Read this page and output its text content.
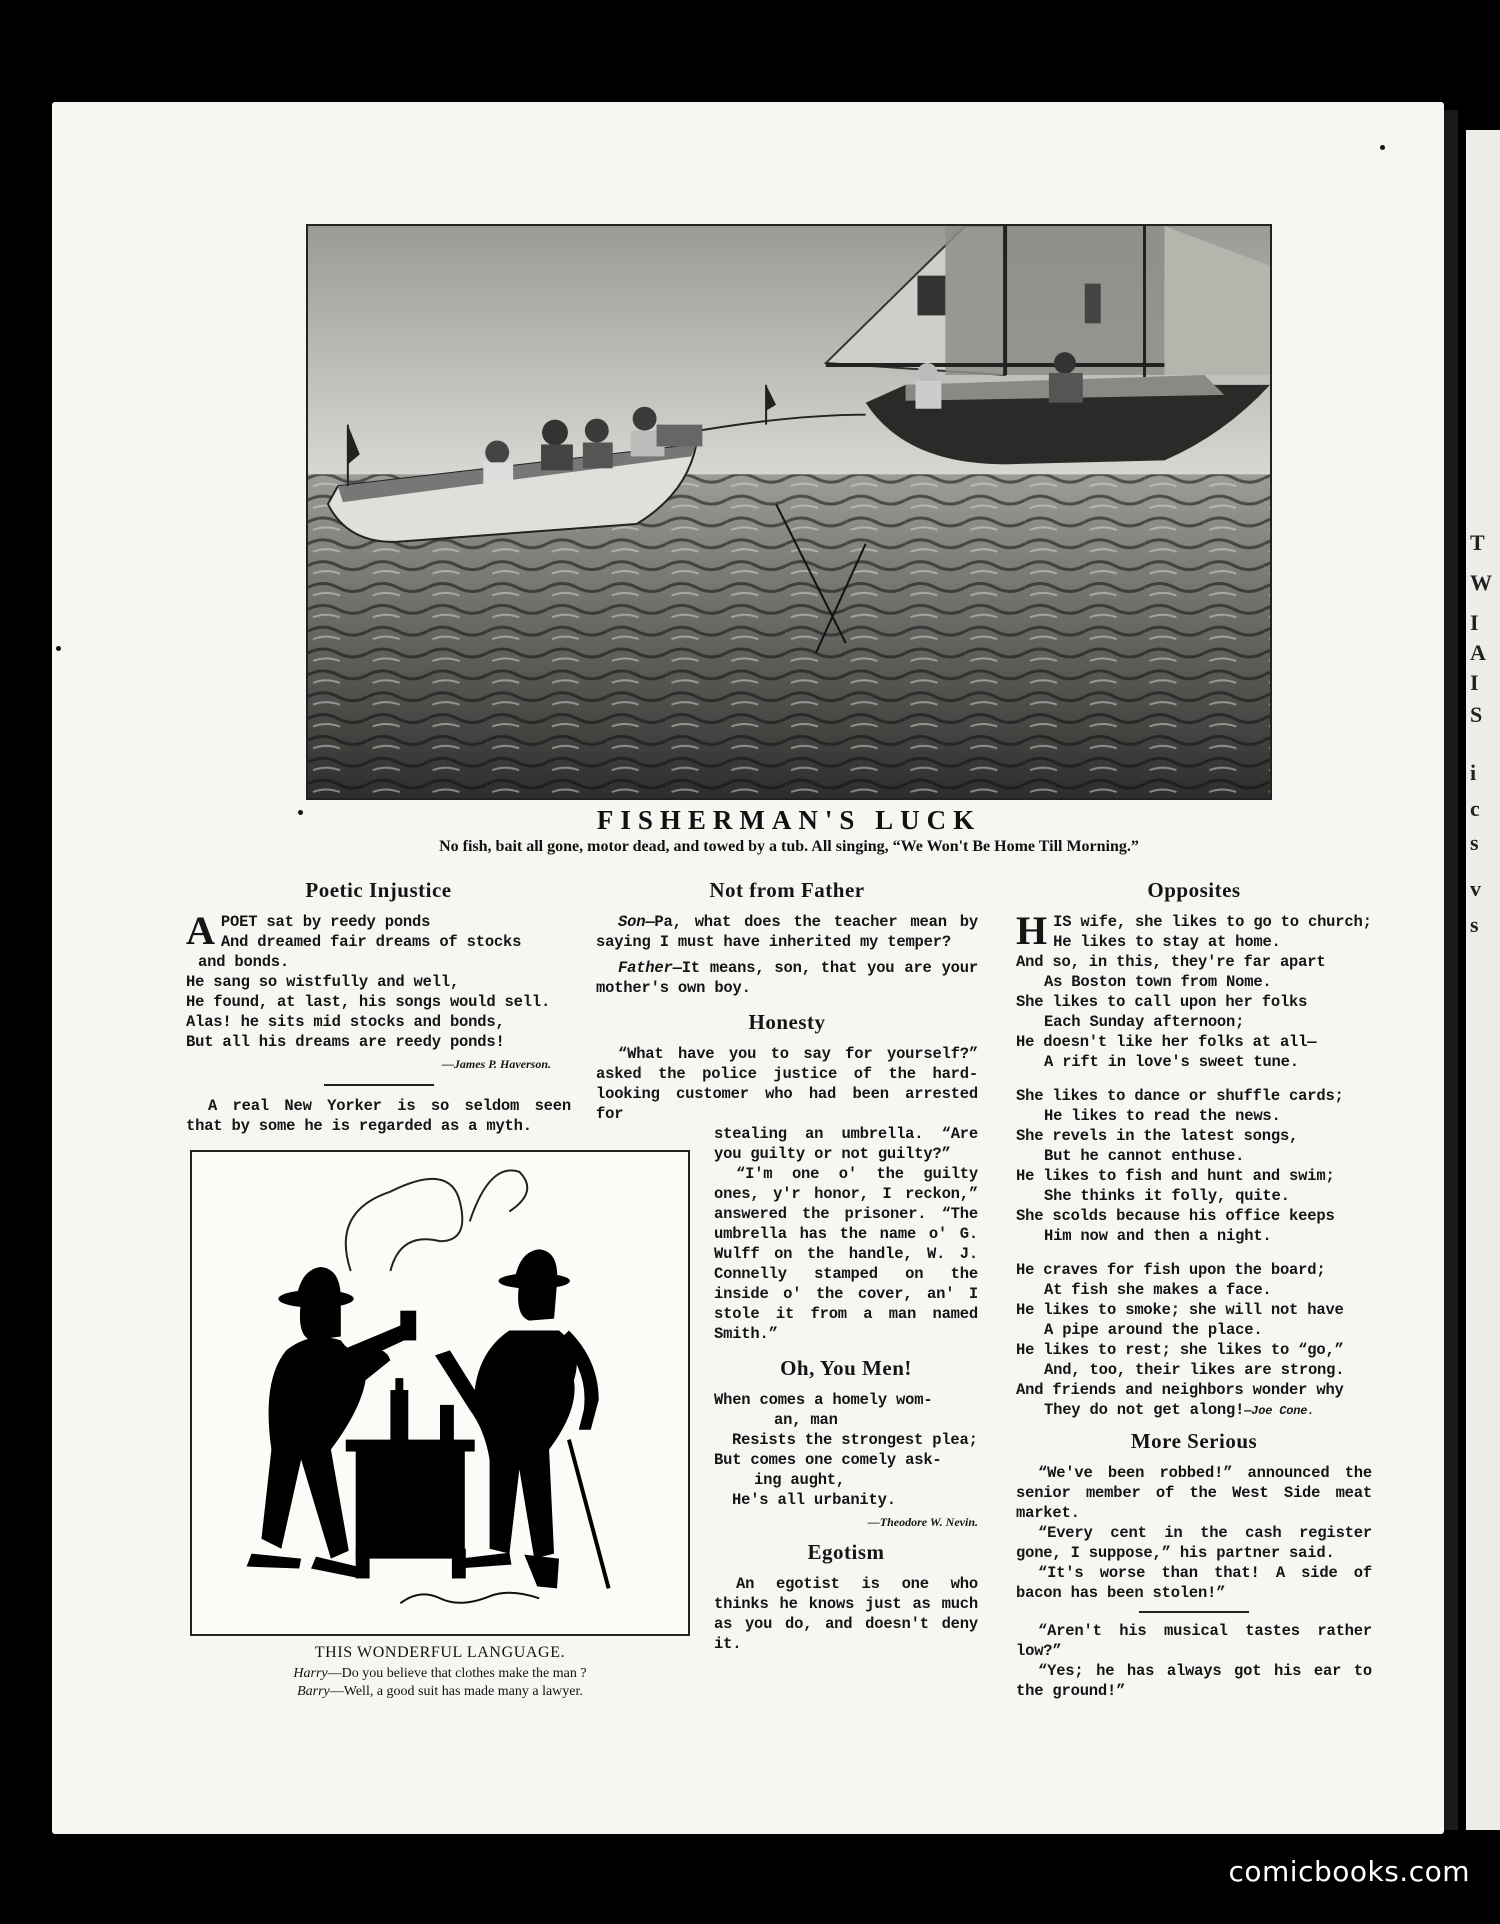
T
W
I
A
I
S
i
c
s
v
s
FISHERMAN'S LUCK
No fish, bait all gone, motor dead, and towed by a tub. All singing, “We Won't Be Home Till Morning.”
Poetic Injustice
A POET sat by reedy ponds
And dreamed fair dreams of stocks
and bonds.
He sang so wistfully and well,
He found, at last, his songs would sell.
Alas! he sits mid stocks and bonds,
But all his dreams are reedy ponds!
—James P. Haverson.

A real New Yorker is so seldom seen that by some he is regarded as a myth.

THIS WONDERFUL LANGUAGE.
Harry—Do you believe that clothes make the man ?
Barry—Well, a good suit has made many a lawyer.
Not from Father

Son—Pa, what does the teacher mean by saying I must have inherited my temper?

Father—It means, son, that you are your mother's own boy.

Honesty

“What have you to say for yourself?” asked the police justice of the hard-looking customer who had been arrested for

stealing an umbrella. “Are you guilty or not guilty?”

“I'm one o' the guilty ones, y'r honor, I reckon,” answered the prisoner. “The umbrella has the name o' G. Wulff on the handle, W. J. Connelly stamped on the inside o' the cover, an' I stole it from a man named Smith.”

Oh, You Men!
When comes a homely wom-
an, man
Resists the strongest plea;
But comes one comely ask-
ing aught,
He's all urbanity.
—Theodore W. Nevin.
Egotism

An egotist is one who thinks he knows just as much as you do, and doesn't deny it.

Opposites
H IS wife, she likes to go to church;
He likes to stay at home.
And so, in this, they're far apart
As Boston town from Nome.
She likes to call upon her folks
Each Sunday afternoon;
He doesn't like her folks at all—
A rift in love's sweet tune.
She likes to dance or shuffle cards;
He likes to read the news.
She revels in the latest songs,
But he cannot enthuse.
He likes to fish and hunt and swim;
She thinks it folly, quite.
She scolds because his office keeps
Him now and then a night.
He craves for fish upon the board;
At fish she makes a face.
He likes to smoke; she will not have
A pipe around the place.
He likes to rest; she likes to “go,”
And, too, their likes are strong.
And friends and neighbors wonder why
They do not get along!—Joe Cone.
More Serious

“We've been robbed!” announced the senior member of the West Side meat market.

“Every cent in the cash register gone, I suppose,” his partner said.

“It's worse than that! A side of bacon has been stolen!”

“Aren't his musical tastes rather low?”

“Yes; he has always got his ear to the ground!”

comicbooks.com
